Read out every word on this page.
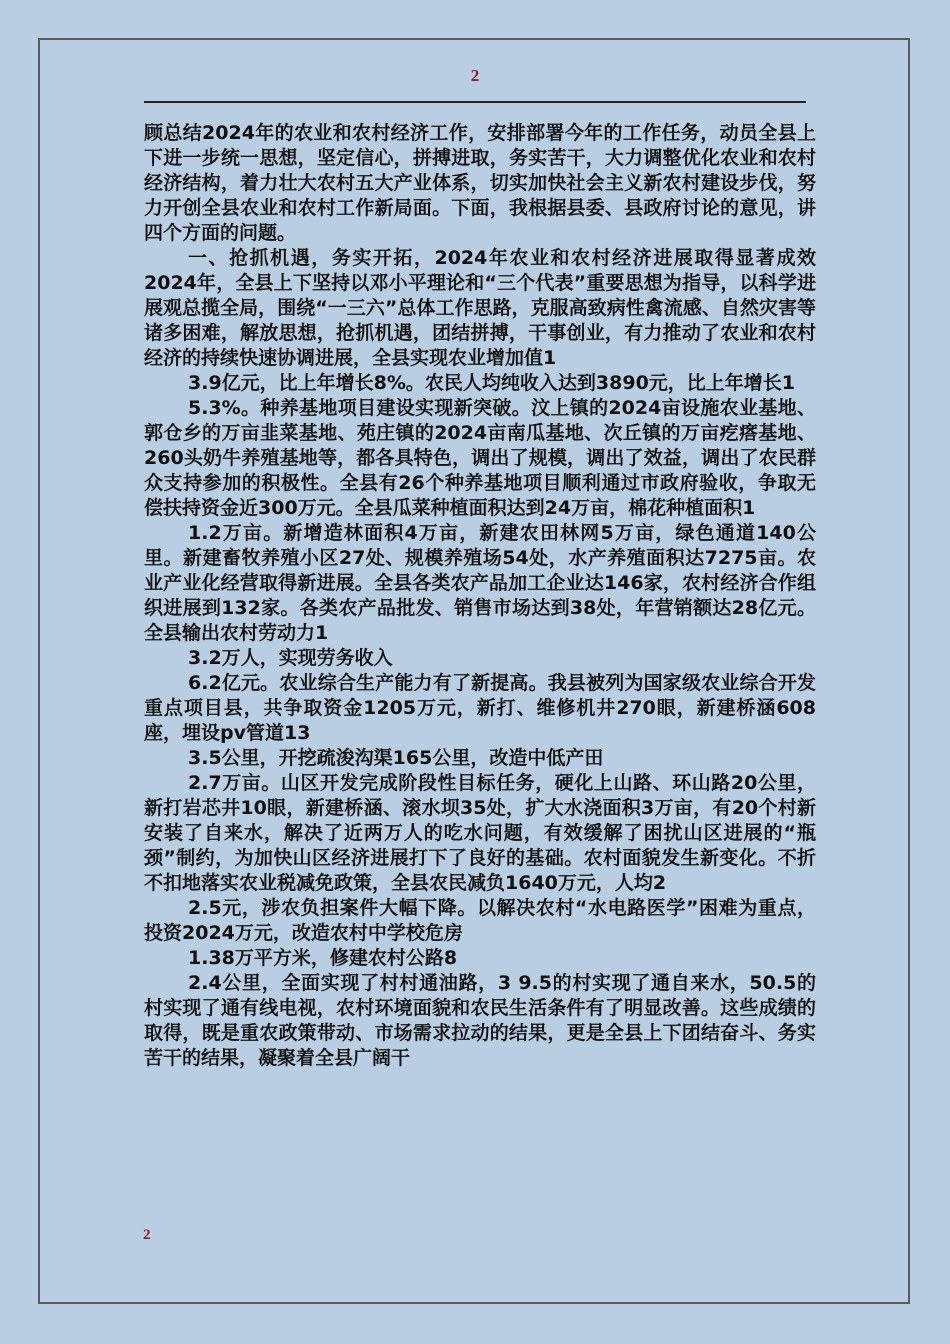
2

顾总结2024年的农业和农村经济工作，安排部署今年的工作任务，动员全县上下进一步统一思想，坚定信心，拼搏进取，务实苦干，大力调整优化农业和农村经济结构，着力壮大农村五大产业体系，切实加快社会主义新农村建设步伐，努力开创全县农业和农村工作新局面。下面，我根据县委、县政府讨论的意见，讲四个方面的问题。

一、抢抓机遇，务实开拓，2024年农业和农村经济进展取得显著成效2024年，全县上下坚持以邓小平理论和“三个代表”重要思想为指导，以科学进展观总揽全局，围绕“一三六”总体工作思路，克服高致病性禽流感、自然灾害等诸多困难，解放思想，抢抓机遇，团结拼搏，干事创业，有力推动了农业和农村经济的持续快速协调进展，全县实现农业增加值1

3.9亿元，比上年增长8%。农民人均纯收入达到3890元，比上年增长1

5.3%。种养基地项目建设实现新突破。汶上镇的2024亩设施农业基地、郭仓乡的万亩韭菜基地、苑庄镇的2024亩南瓜基地、次丘镇的万亩疙瘩基地、260头奶牛养殖基地等，都各具特色，调出了规模，调出了效益，调出了农民群众支持参加的积极性。全县有26个种养基地项目顺利通过市政府验收，争取无偿扶持资金近300万元。全县瓜菜种植面积达到24万亩，棉花种植面积1

1.2万亩。新增造林面积4万亩，新建农田林网5万亩，绿色通道140公里。新建畜牧养殖小区27处、规模养殖场54处，水产养殖面积达7275亩。农业产业化经营取得新进展。全县各类农产品加工企业达146家，农村经济合作组织进展到132家。各类农产品批发、销售市场达到38处，年营销额达28亿元。全县输出农村劳动力1

3.2万人，实现劳务收入

6.2亿元。农业综合生产能力有了新提高。我县被列为国家级农业综合开发重点项目县，共争取资金1205万元，新打、维修机井270眼，新建桥涵608座，埋设pv管道13

3.5公里，开挖疏浚沟渠165公里，改造中低产田

2.7万亩。山区开发完成阶段性目标任务，硬化上山路、环山路20公里，新打岩芯井10眼，新建桥涵、滚水坝35处，扩大水浇面积3万亩，有20个村新安装了自来水，解决了近两万人的吃水问题，有效缓解了困扰山区进展的“瓶颈”制约，为加快山区经济进展打下了良好的基础。农村面貌发生新变化。不折不扣地落实农业税减免政策，全县农民减负1640万元，人均2

2.5元，涉农负担案件大幅下降。以解决农村“水电路医学”困难为重点，投资2024万元，改造农村中学校危房

1.38万平方米，修建农村公路8

2.4公里，全面实现了村村通油路，3 9.5的村实现了通自来水，50.5的村实现了通有线电视，农村环境面貌和农民生活条件有了明显改善。这些成绩的取得，既是重农政策带动、市场需求拉动的结果，更是全县上下团结奋斗、务实苦干的结果，凝聚着全县广阔干

2
